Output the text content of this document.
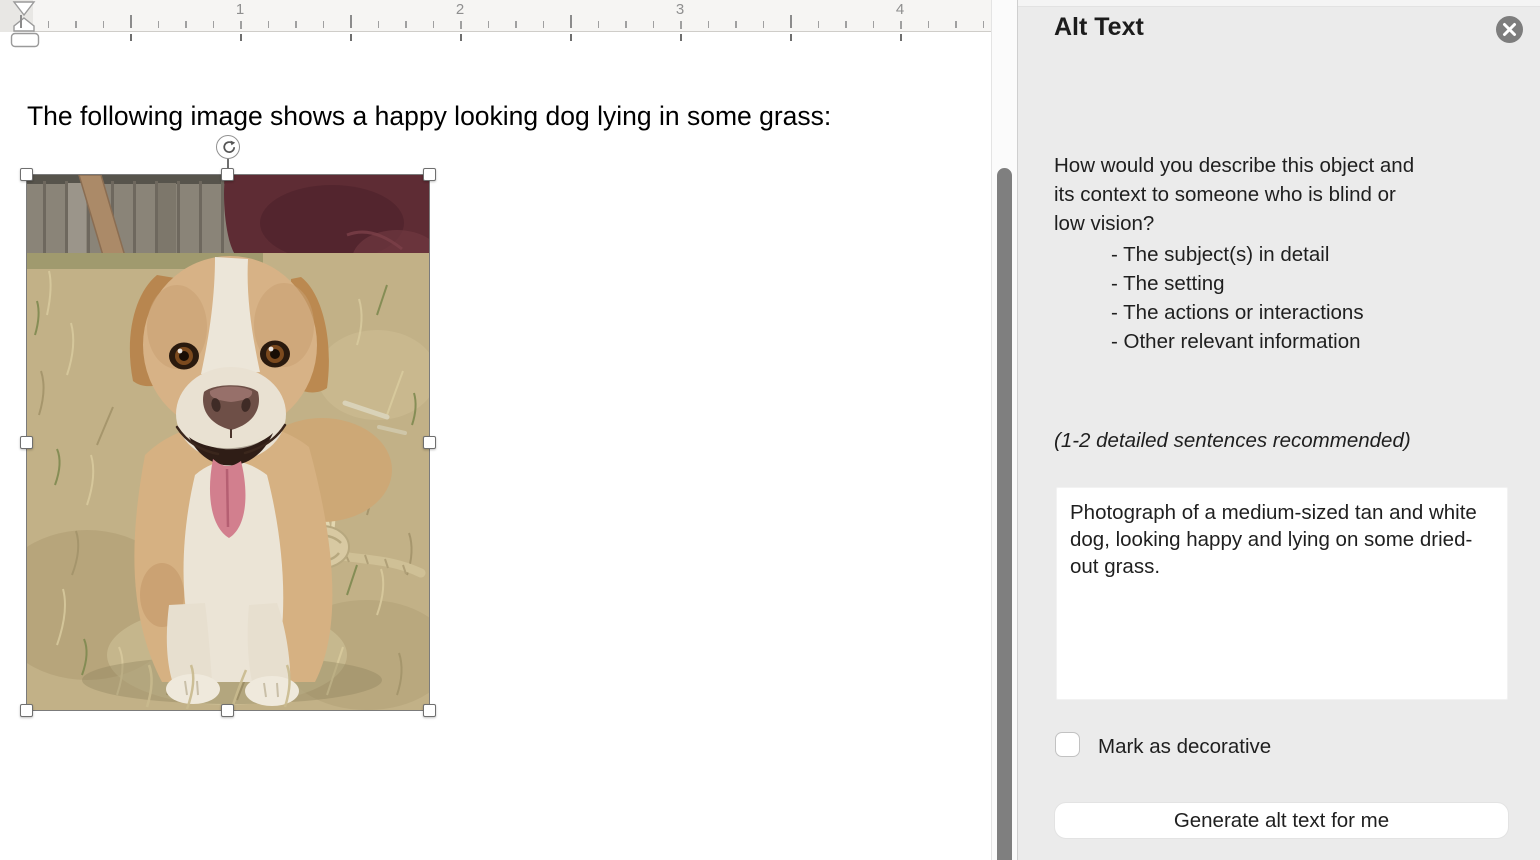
1	2	3	4
The following image shows a happy looking dog lying in some grass:
Alt Text
How would you describe this object and
its context to someone who is blind or
low vision?
- The subject(s) in detail
- The setting
- The actions or interactions
- Other relevant information
(1-2 detailed sentences recommended)
Photograph of a medium-sized tan and white dog, looking happy and lying on some dried-out grass.
Mark as decorative
Generate alt text for me
